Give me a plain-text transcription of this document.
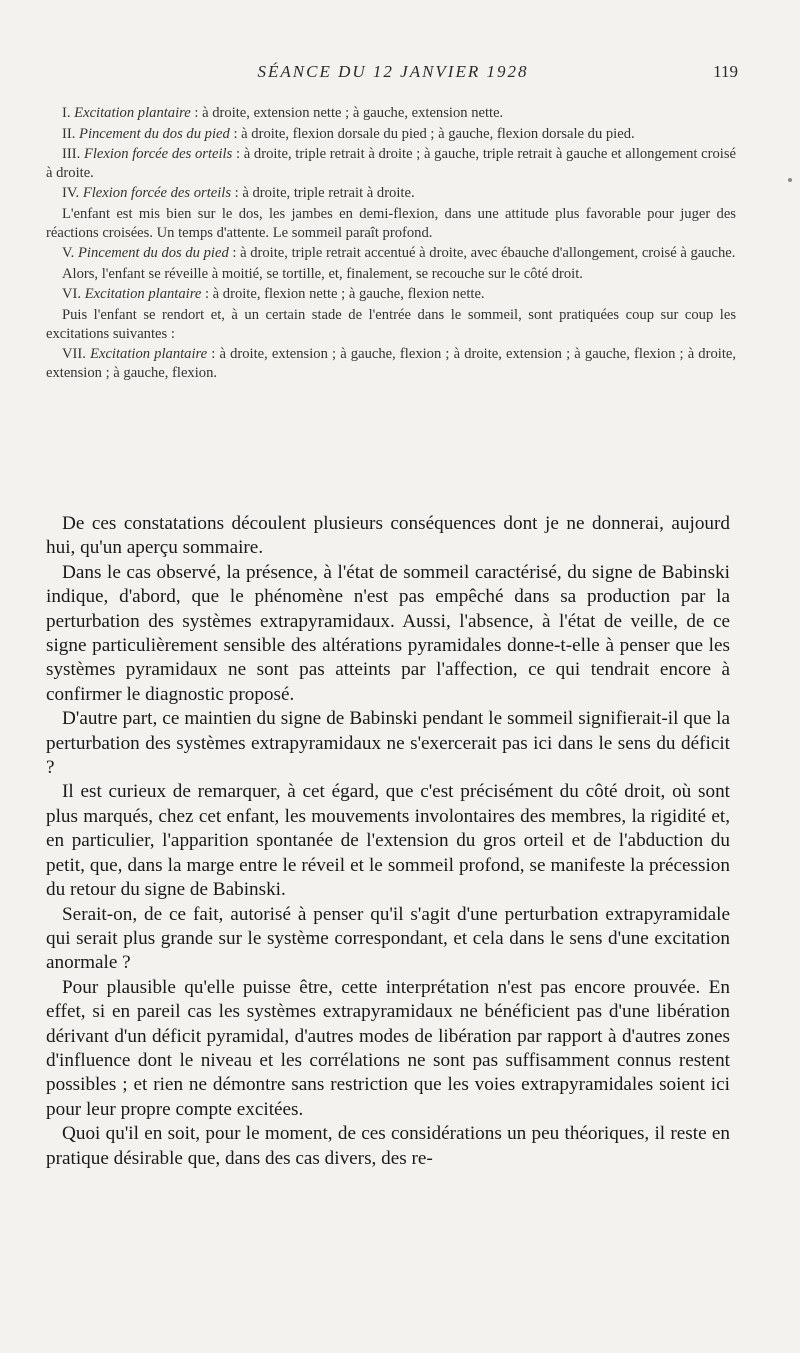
SÉANCE DU 12 JANVIER 1928	119

I. Excitation plantaire : à droite, extension nette ; à gauche, extension nette.

II. Pincement du dos du pied : à droite, flexion dorsale du pied ; à gauche, flexion dorsale du pied.

III. Flexion forcée des orteils : à droite, triple retrait à droite ; à gauche, triple retrait à gauche et allongement croisé à droite.

IV. Flexion forcée des orteils : à droite, triple retrait à droite.

L'enfant est mis bien sur le dos, les jambes en demi-flexion, dans une attitude plus favorable pour juger des réactions croisées. Un temps d'attente. Le sommeil paraît profond.

V. Pincement du dos du pied : à droite, triple retrait accentué à droite, avec ébauche d'allongement, croisé à gauche.

Alors, l'enfant se réveille à moitié, se tortille, et, finalement, se recouche sur le côté droit.

VI. Excitation plantaire : à droite, flexion nette ; à gauche, flexion nette.

Puis l'enfant se rendort et, à un certain stade de l'entrée dans le sommeil, sont pratiquées coup sur coup les excitations suivantes :

VII. Excitation plantaire : à droite, extension ; à gauche, flexion ; à droite, extension ; à gauche, flexion ; à droite, extension ; à gauche, flexion.

De ces constatations découlent plusieurs conséquences dont je ne donnerai, aujourd hui, qu'un aperçu sommaire.

Dans le cas observé, la présence, à l'état de sommeil caractérisé, du signe de Babinski indique, d'abord, que le phénomène n'est pas empêché dans sa production par la perturbation des systèmes extrapyramidaux. Aussi, l'absence, à l'état de veille, de ce signe particulièrement sensible des altérations pyramidales donne-t-elle à penser que les systèmes pyramidaux ne sont pas atteints par l'affection, ce qui tendrait encore à confirmer le diagnostic proposé.

D'autre part, ce maintien du signe de Babinski pendant le sommeil signifierait-il que la perturbation des systèmes extrapyramidaux ne s'exercerait pas ici dans le sens du déficit ?

Il est curieux de remarquer, à cet égard, que c'est précisément du côté droit, où sont plus marqués, chez cet enfant, les mouvements involontaires des membres, la rigidité et, en particulier, l'apparition spontanée de l'extension du gros orteil et de l'abduction du petit, que, dans la marge entre le réveil et le sommeil profond, se manifeste la précession du retour du signe de Babinski.

Serait-on, de ce fait, autorisé à penser qu'il s'agit d'une perturbation extrapyramidale qui serait plus grande sur le système correspondant, et cela dans le sens d'une excitation anormale ?

Pour plausible qu'elle puisse être, cette interprétation n'est pas encore prouvée. En effet, si en pareil cas les systèmes extrapyramidaux ne bénéficient pas d'une libération dérivant d'un déficit pyramidal, d'autres modes de libération par rapport à d'autres zones d'influence dont le niveau et les corrélations ne sont pas suffisamment connus restent possibles ; et rien ne démontre sans restriction que les voies extrapyramidales soient ici pour leur propre compte excitées.

Quoi qu'il en soit, pour le moment, de ces considérations un peu théoriques, il reste en pratique désirable que, dans des cas divers, des re-
